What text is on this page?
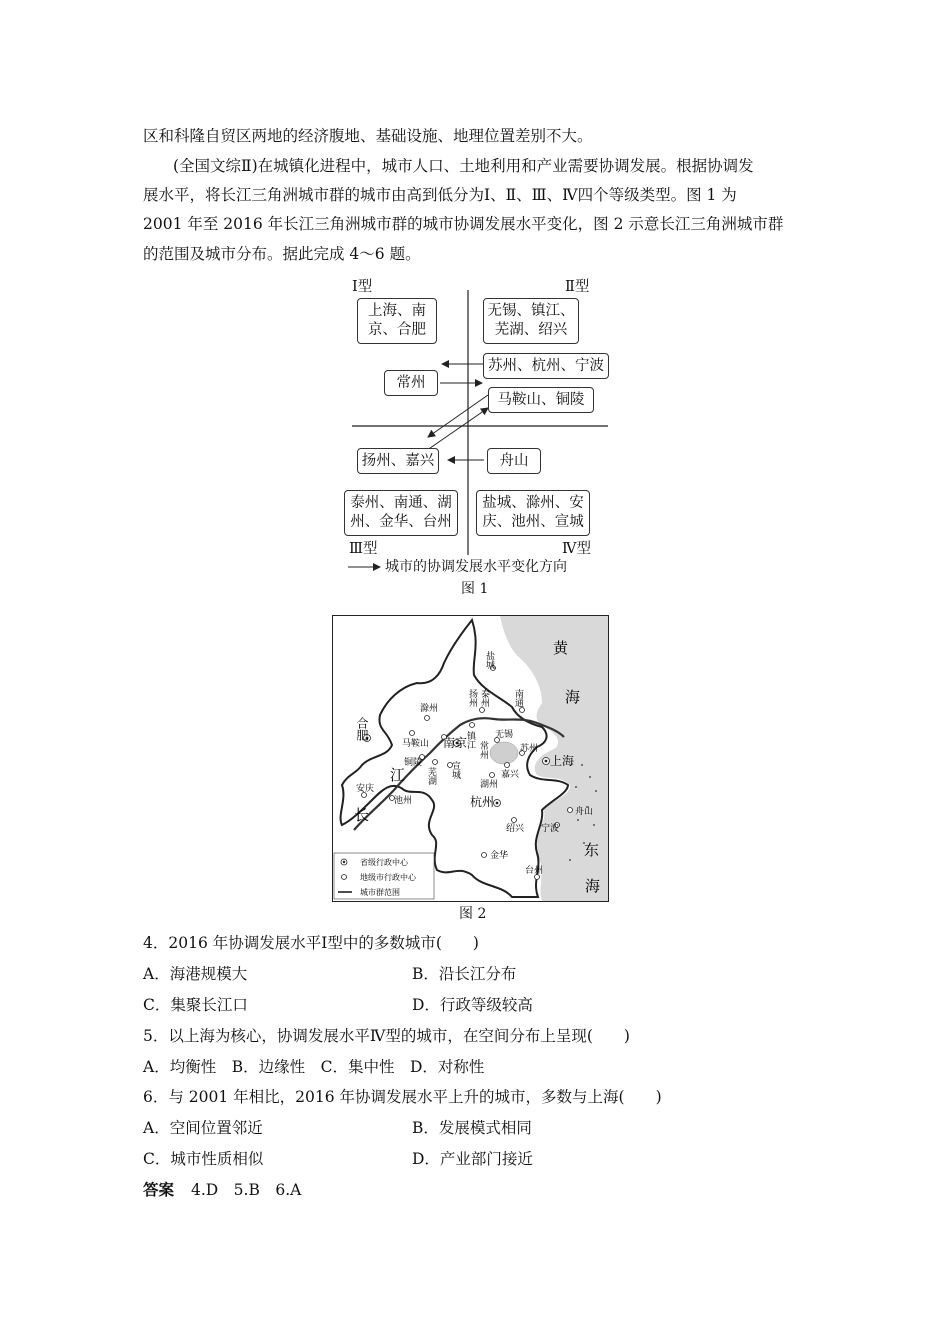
区和科隆自贸区两地的经济腹地、基础设施、地理位置差别不大。
(全国文综Ⅱ)在城镇化进程中，城市人口、土地利用和产业需要协调发展。根据协调发
展水平，将长江三角洲城市群的城市由高到低分为Ⅰ、Ⅱ、Ⅲ、Ⅳ四个等级类型。图 1 为
2001 年至 2016 年长江三角洲城市群的城市协调发展水平变化，图 2 示意长江三角洲城市群
的范围及城市分布。据此完成 4～6 题。
Ⅰ型	Ⅱ型
Ⅲ型	Ⅳ型
上海、南
京、合肥
无锡、镇江、
芜湖、绍兴
苏州、杭州、宁波
常州
马鞍山、铜陵
扬州、嘉兴	舟山
泰州、南通、湖
州、金华、台州
盐城、滁州、安
庆、池州、宣城
城市的协调发展水平变化方向
图 1
黄
海
东
海
长
江
盐城
扬州 泰州	南通
滁州
合肥
南京
镇江
常州
无锡
苏州
上海
马鞍山
铜陵
芜湖 宣城	嘉兴
湖州
杭州
安庆
池州
舟山
绍兴 宁波
金华
台州
省级行政中心
地级市行政中心
城市群范围
图 2
4．2016 年协调发展水平Ⅰ型中的多数城市(　　)
A．海港规模大	B．沿长江分布
C．集聚长江口	D．行政等级较高
5．以上海为核心，协调发展水平Ⅳ型的城市，在空间分布上呈现(　　)
A．均衡性　B．边缘性　C．集中性　D．对称性
6．与 2001 年相比，2016 年协调发展水平上升的城市，多数与上海(　　)
A．空间位置邻近	B．发展模式相同
C．城市性质相似	D．产业部门接近
答案 4.D　5.B　6.A
